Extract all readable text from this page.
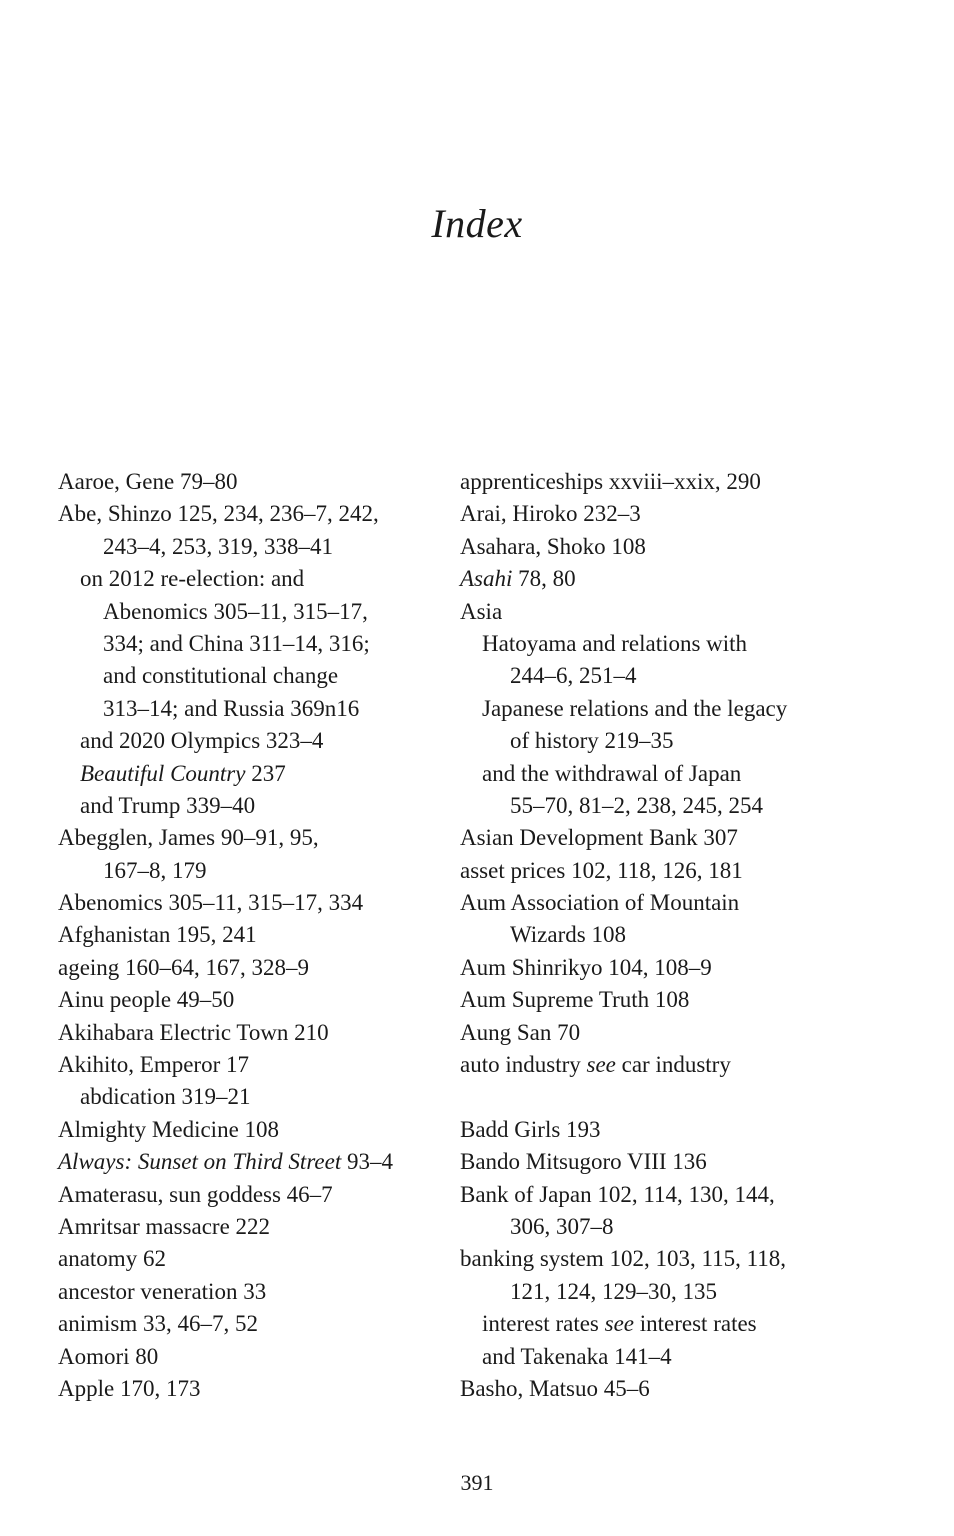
Index
Aaroe, Gene 79–80
Abe, Shinzo 125, 234, 236–7, 242,
243–4, 253, 319, 338–41
on 2012 re-election: and
Abenomics 305–11, 315–17,
334; and China 311–14, 316;
and constitutional change
313–14; and Russia 369n16
and 2020 Olympics 323–4
Beautiful Country 237
and Trump 339–40
Abegglen, James 90–91, 95,
167–8, 179
Abenomics 305–11, 315–17, 334
Afghanistan 195, 241
ageing 160–64, 167, 328–9
Ainu people 49–50
Akihabara Electric Town 210
Akihito, Emperor 17
abdication 319–21
Almighty Medicine 108
Always: Sunset on Third Street 93–4
Amaterasu, sun goddess 46–7
Amritsar massacre 222
anatomy 62
ancestor veneration 33
animism 33, 46–7, 52
Aomori 80
Apple 170, 173
apprenticeships xxviii–xxix, 290
Arai, Hiroko 232–3
Asahara, Shoko 108
Asahi 78, 80
Asia
Hatoyama and relations with
244–6, 251–4
Japanese relations and the legacy
of history 219–35
and the withdrawal of Japan
55–70, 81–2, 238, 245, 254
Asian Development Bank 307
asset prices 102, 118, 126, 181
Aum Association of Mountain
Wizards 108
Aum Shinrikyo 104, 108–9
Aum Supreme Truth 108
Aung San 70
auto industry see car industry
Badd Girls 193
Bando Mitsugoro VIII 136
Bank of Japan 102, 114, 130, 144,
306, 307–8
banking system 102, 103, 115, 118,
121, 124, 129–30, 135
interest rates see interest rates
and Takenaka 141–4
Basho, Matsuo 45–6
391
